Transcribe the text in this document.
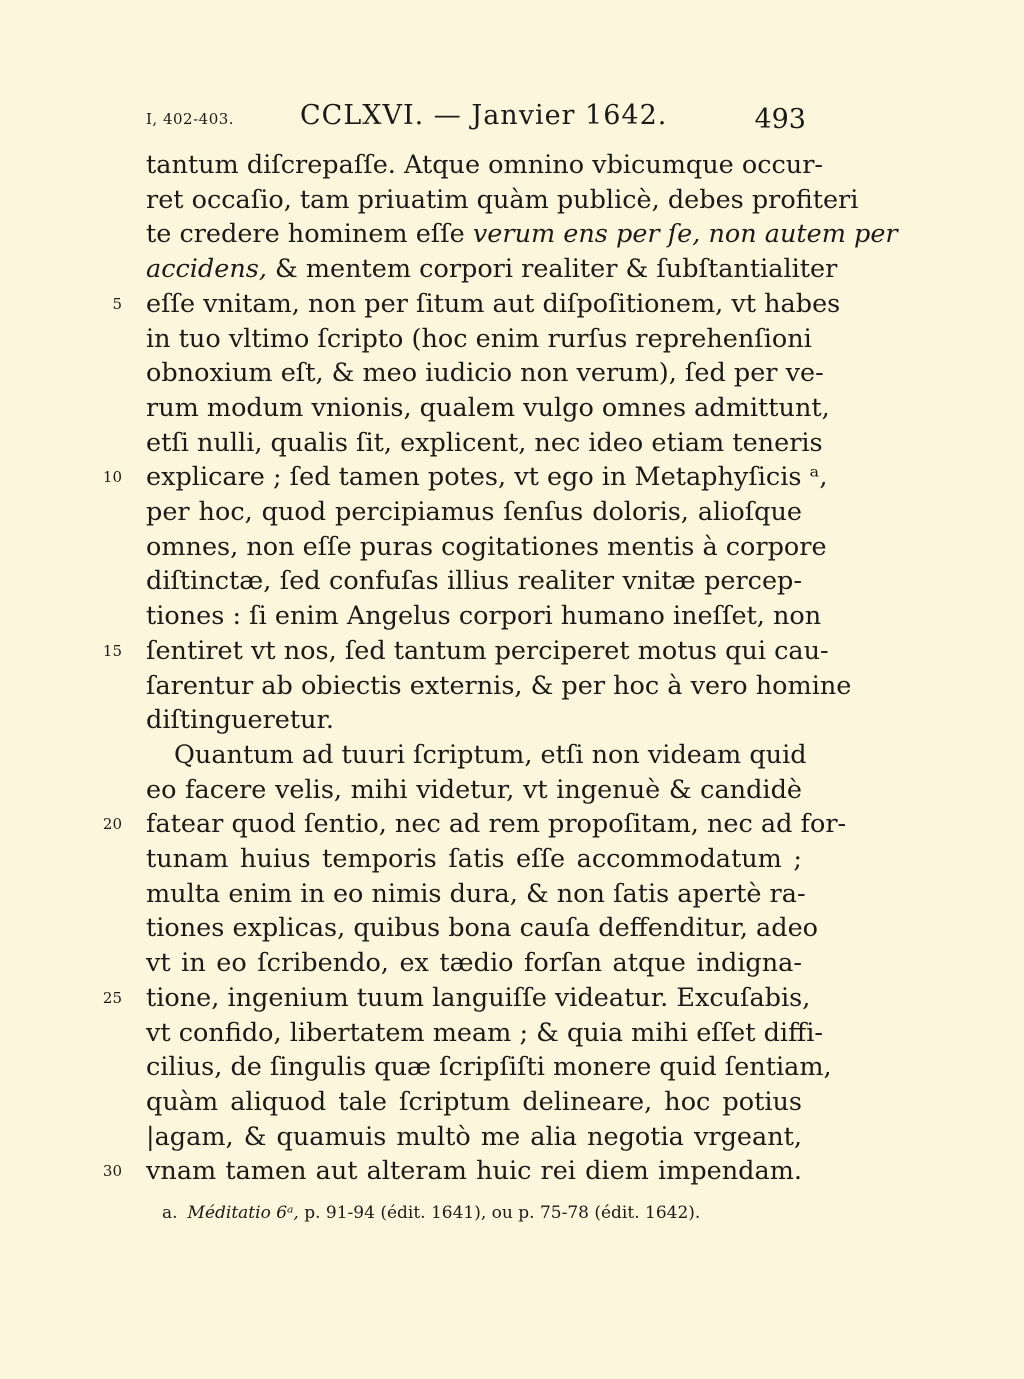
I, 402-403. CCLXVI. — Janvier 1642.	493
tantum diſcrepaſſe. Atque omnino vbicumque occur-
ret occaſio, tam priuatim quàm publicè, debes profiteri
te credere hominem eſſe verum ens per ſe, non autem per
accidens, & mentem corpori realiter & ſubſtantialiter
eſſe vnitam, non per ſitum aut diſpoſitionem, vt habes
in tuo vltimo ſcripto (hoc enim rurſus reprehenſioni
obnoxium eſt, & meo iudicio non verum), ſed per ve-
rum modum vnionis, qualem vulgo omnes admittunt,
etſi nulli, qualis ſit, explicent, nec ideo etiam teneris
explicare ; ſed tamen potes, vt ego in Metaphyſicis ᵃ,
per hoc, quod percipiamus ſenſus doloris, alioſque
omnes, non eſſe puras cogitationes mentis à corpore
diſtinctæ, ſed confuſas illius realiter vnitæ percep-
tiones : ſi enim Angelus corpori humano ineſſet, non
ſentiret vt nos, ſed tantum perciperet motus qui cau-
ſarentur ab obiectis externis, & per hoc à vero homine
diſtingueretur.
Quantum ad tuuri ſcriptum, etſi non videam quid
eo facere velis, mihi videtur, vt ingenuè & candidè
fatear quod ſentio, nec ad rem propoſitam, nec ad for-
tunam huius temporis ſatis eſſe accommodatum ;
multa enim in eo nimis dura, & non ſatis apertè ra-
tiones explicas, quibus bona cauſa deffenditur, adeo
vt in eo ſcribendo, ex tædio forſan atque indigna-
tione, ingenium tuum languiſſe videatur. Excuſabis,
vt confido, libertatem meam ; & quia mihi eſſet diffi-
cilius, de ſingulis quæ ſcripſiſti monere quid ſentiam,
quàm aliquod tale ſcriptum delineare, hoc potius
|agam, & quamuis multò me alia negotia vrgeant,
vnam tamen aut alteram huic rei diem impendam.
5
10
15
20
25
30
a. Méditatio 6ᵃ, p. 91-94 (édit. 1641), ou p. 75-78 (édit. 1642).
